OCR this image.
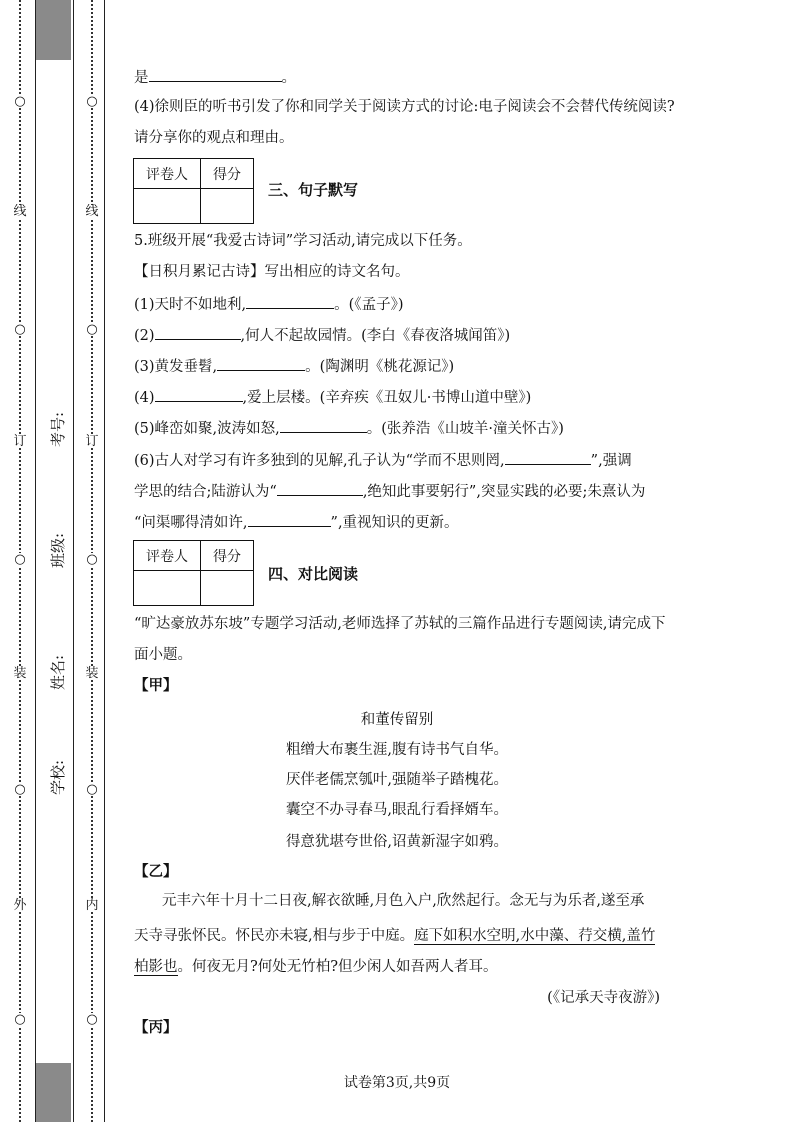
○
○
○
○
○
线
订
装
外
○
○
○
○
○
线
订
装
内
考号:
班级:
姓名:
学校:
是	。
(4)徐则臣的听书引发了你和同学关于阅读方式的讨论:电子阅读会不会替代传统阅读?
请分享你的观点和理由。
评卷人	得分

三、句子默写
5.班级开展“我爱古诗词”学习活动,请完成以下任务。
【日积月累记古诗】写出相应的诗文名句。
(1)天时不如地利,	。(《孟子》)
(2)	,何人不起故园情。(李白《春夜洛城闻笛》)
(3)黄发垂髫,	。(陶渊明《桃花源记》)
(4)	,爱上层楼。(辛弃疾《丑奴儿·书博山道中壁》)
(5)峰峦如聚,波涛如怒,	。(张养浩《山坡羊·潼关怀古》)
(6)古人对学习有许多独到的见解,孔子认为“学而不思则罔,	”,强调
学思的结合;陆游认为“	,绝知此事要躬行”,突显实践的必要;朱熹认为
“问渠哪得清如许,	”,重视知识的更新。
评卷人	得分

四、对比阅读
“旷达豪放苏东坡”专题学习活动,老师选择了苏轼的三篇作品进行专题阅读,请完成下
面小题。
【甲】
和董传留别
粗缯大布裹生涯,腹有诗书气自华。
厌伴老儒烹瓠叶,强随举子踏槐花。
囊空不办寻春马,眼乱行看择婿车。
得意犹堪夸世俗,诏黄新湿字如鸦。
【乙】
元丰六年十月十二日夜,解衣欲睡,月色入户,欣然起行。念无与为乐者,遂至承
天寺寻张怀民。怀民亦未寝,相与步于中庭。庭下如积水空明,水中藻、荇交横,盖竹
柏影也。何夜无月?何处无竹柏?但少闲人如吾两人者耳。
(《记承天寺夜游》)
【丙】
试卷第3页,共9页
